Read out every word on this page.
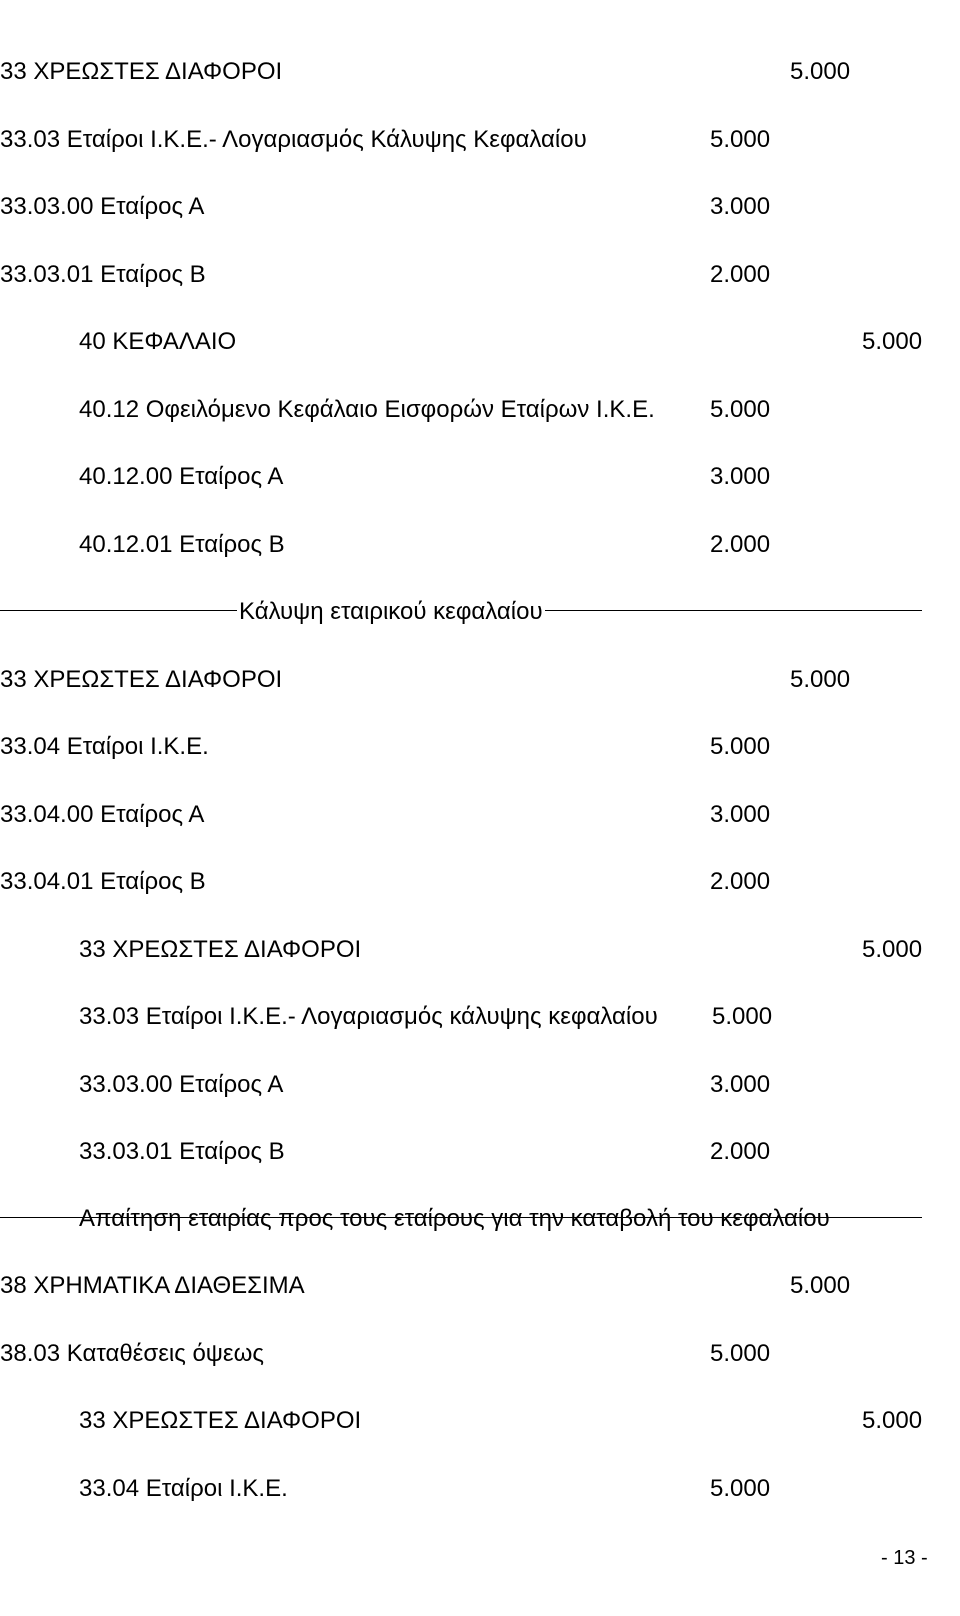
33 ΧΡΕΩΣΤΕΣ ΔΙΑΦΟΡΟΙ	5.000
33.03 Εταίροι Ι.Κ.Ε.- Λογαριασμός Κάλυψης Κεφαλαίου	5.000
33.03.00 Εταίρος Α	3.000
33.03.01 Εταίρος Β	2.000
40 ΚΕΦΑΛΑΙΟ	5.000
40.12 Οφειλόμενο Κεφάλαιο Εισφορών Εταίρων Ι.Κ.Ε. 5.000
40.12.00 Εταίρος Α	3.000
40.12.01 Εταίρος Β	2.000
Κάλυψη εταιρικού κεφαλαίου
33 ΧΡΕΩΣΤΕΣ ΔΙΑΦΟΡΟΙ	5.000
33.04 Εταίροι Ι.Κ.Ε.	5.000
33.04.00 Εταίρος Α	3.000
33.04.01 Εταίρος Β	2.000
33 ΧΡΕΩΣΤΕΣ ΔΙΑΦΟΡΟΙ	5.000
33.03 Εταίροι Ι.Κ.Ε.- Λογαριασμός κάλυψης κεφαλαίου 5.000
33.03.00 Εταίρος Α	3.000
33.03.01 Εταίρος Β	2.000
Απαίτηση εταιρίας προς τους εταίρους για την καταβολή του κεφαλαίου
38 ΧΡΗΜΑΤΙΚΑ ΔΙΑΘΕΣΙΜΑ	5.000
38.03 Καταθέσεις όψεως	5.000
33 ΧΡΕΩΣΤΕΣ ΔΙΑΦΟΡΟΙ	5.000
33.04 Εταίροι Ι.Κ.Ε.	5.000
- 13 -
